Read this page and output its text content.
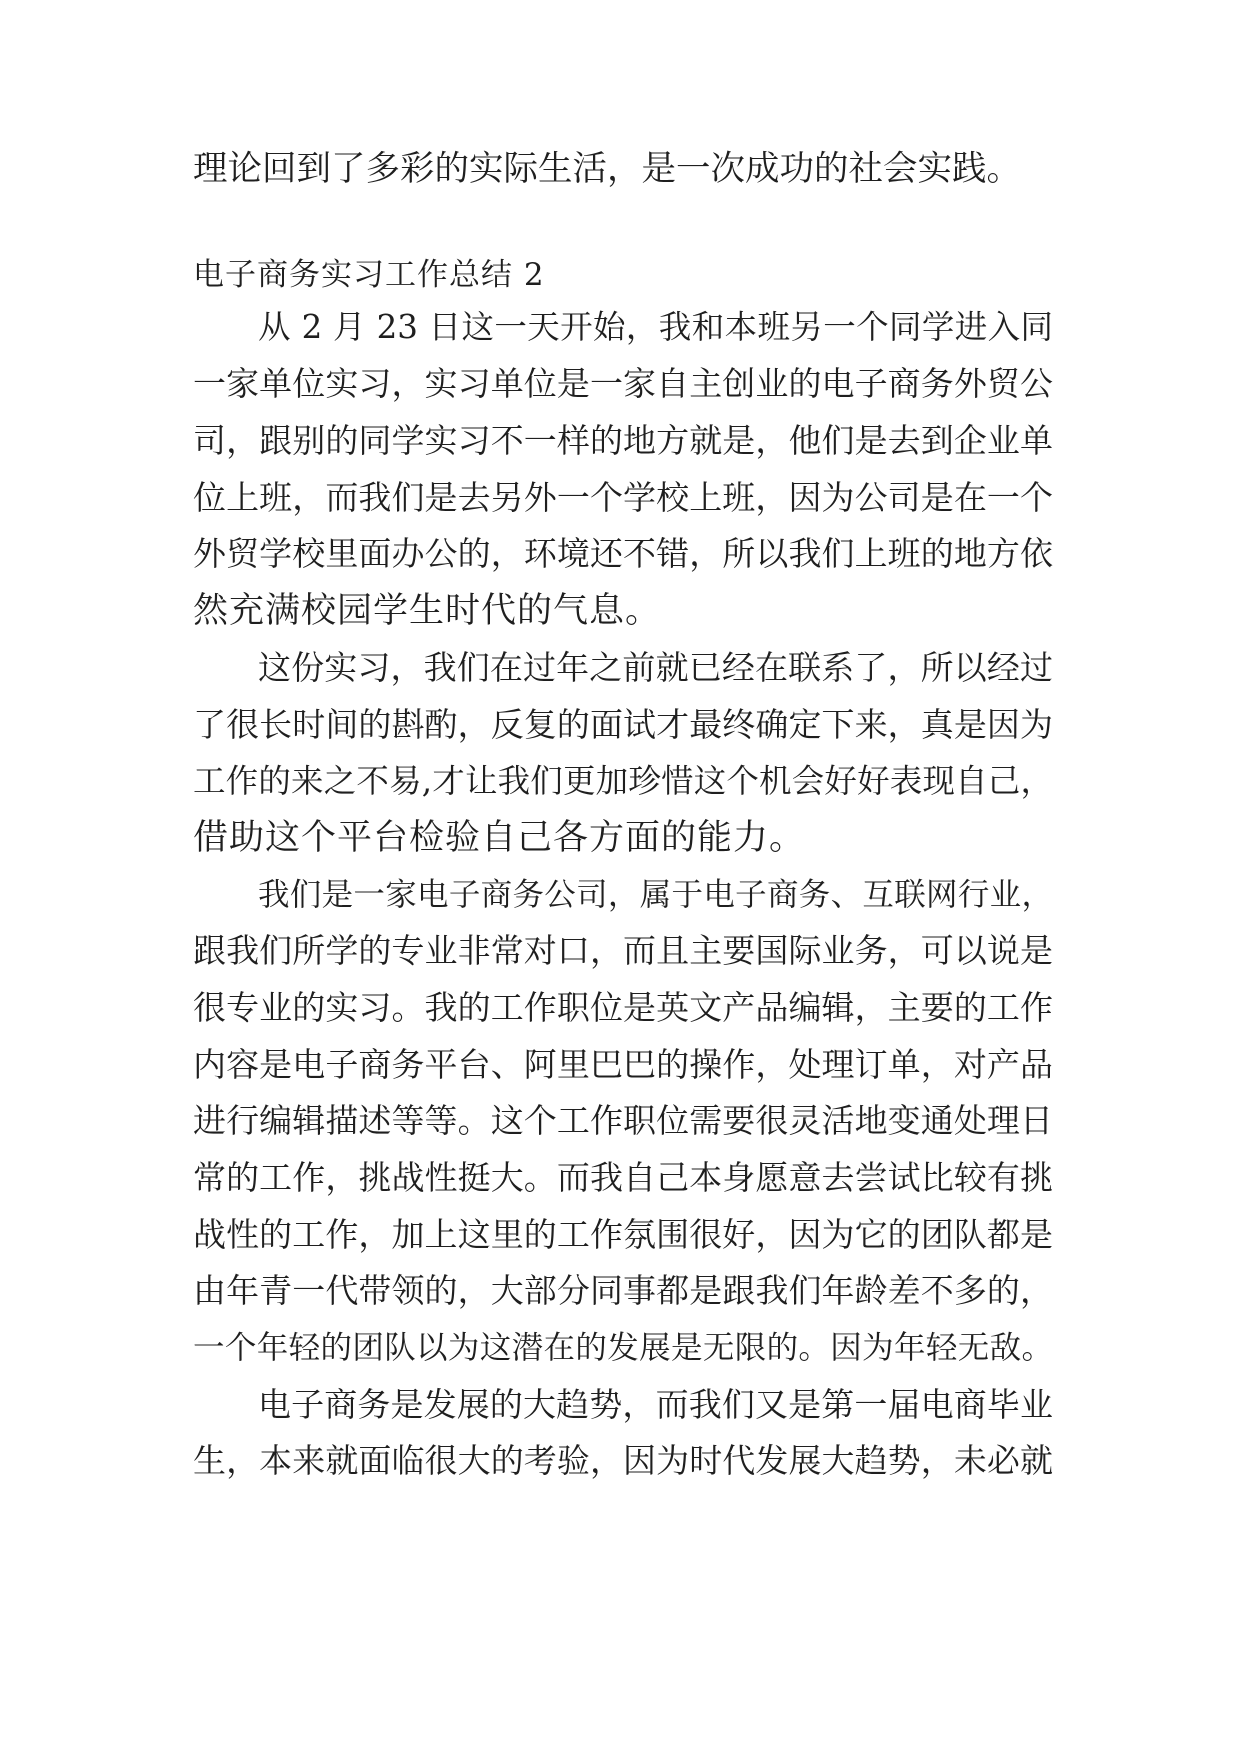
理论回到了多彩的实际生活，是一次成功的社会实践。
电子商务实习工作总结 2
从 2 月 23 日这一天开始，我和本班另一个同学进入同
一家单位实习，实习单位是一家自主创业的电子商务外贸公
司，跟别的同学实习不一样的地方就是，他们是去到企业单
位上班，而我们是去另外一个学校上班，因为公司是在一个
外贸学校里面办公的，环境还不错，所以我们上班的地方依
然充满校园学生时代的气息。
这份实习，我们在过年之前就已经在联系了，所以经过
了很长时间的斟酌，反复的面试才最终确定下来，真是因为
工作的来之不易,才让我们更加珍惜这个机会好好表现自己，
借助这个平台检验自己各方面的能力。
我们是一家电子商务公司，属于电子商务、互联网行业，
跟我们所学的专业非常对口，而且主要国际业务，可以说是
很专业的实习。我的工作职位是英文产品编辑，主要的工作
内容是电子商务平台、阿里巴巴的操作，处理订单，对产品
进行编辑描述等等。这个工作职位需要很灵活地变通处理日
常的工作，挑战性挺大。而我自己本身愿意去尝试比较有挑
战性的工作，加上这里的工作氛围很好，因为它的团队都是
由年青一代带领的，大部分同事都是跟我们年龄差不多的，
一个年轻的团队以为这潜在的发展是无限的。因为年轻无敌。
电子商务是发展的大趋势，而我们又是第一届电商毕业
生，本来就面临很大的考验，因为时代发展大趋势，未必就
